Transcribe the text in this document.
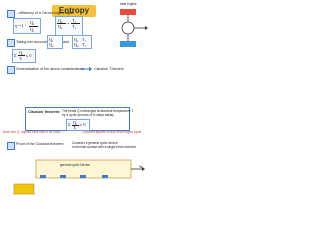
Entropy
heat engine
...efficiency of a Carnot engine again
η = 1 -
Q₂
Q₁
Q₂
Q₁
=
T₂
T₁
Taking into account Q₁
Q₂	and Q₁ T₁
Q₂ T₂
Σ
Qᵢ
Tᵢ ≤ 0
Generalization of the above considerations	Clausius' Theorem
Clausius' theorem: The heats Q exchanged at absolute temperature T
by a cyclic process of N steps satisfy
Σ Qᵢ
Tᵢ ≤ 0
Note: the Q. implied here has to be used ...	Theorem applied to any heat engine cycle
Proof of the Clausius theorem	Consider a general cyclic device
in thermal contact with a single heat reservoir
general cyclic Device	W
